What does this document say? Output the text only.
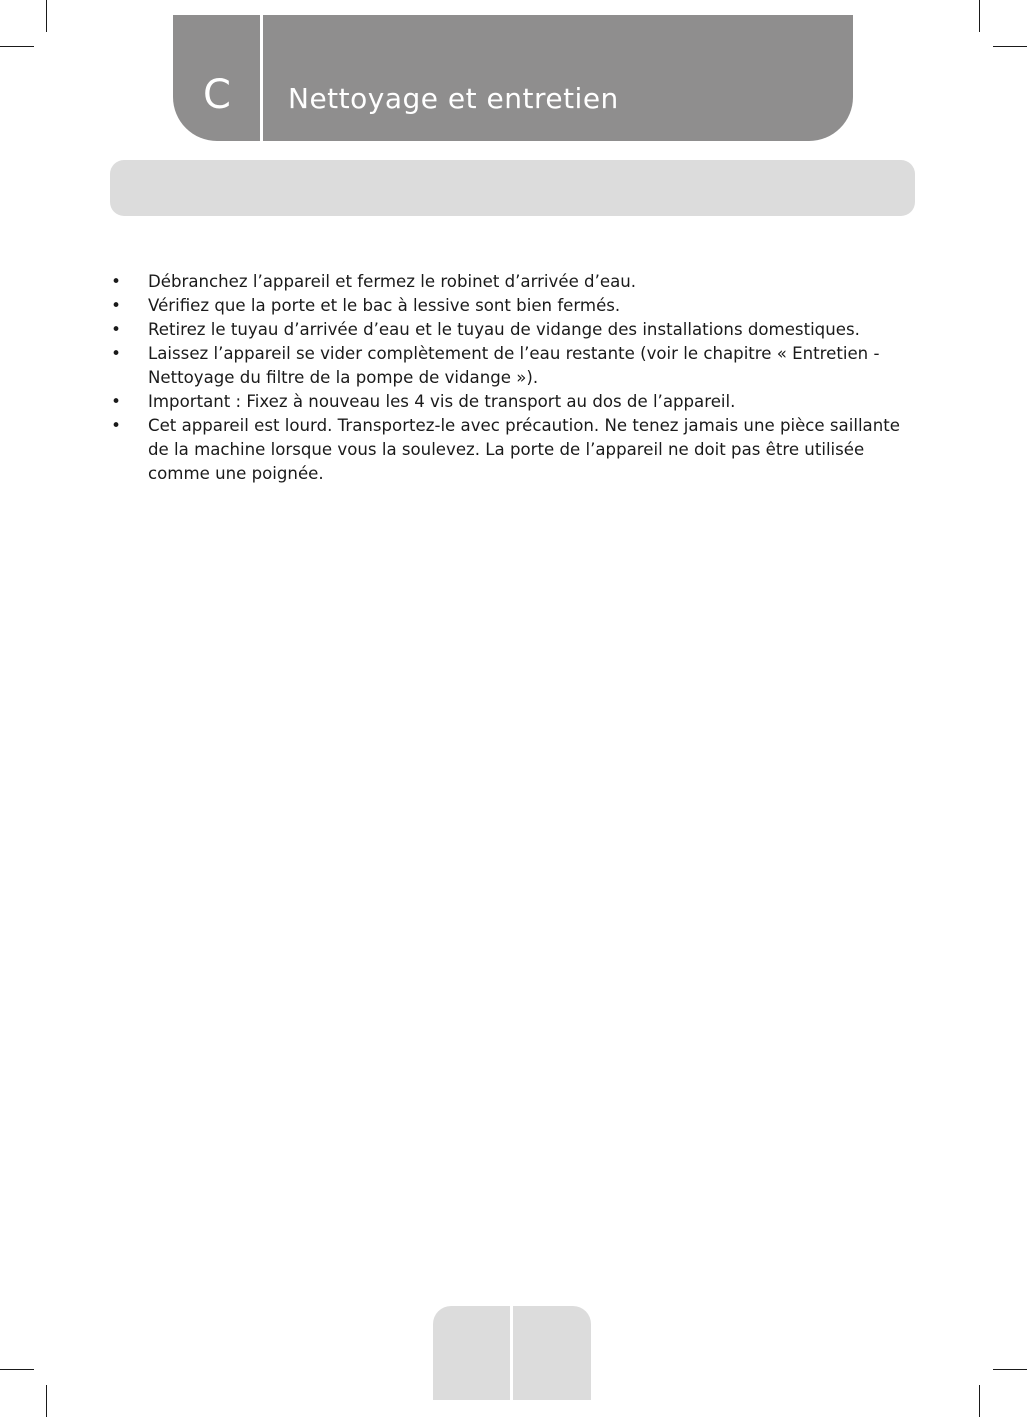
C Nettoyage et entretien
• Débranchez l’appareil et fermez le robinet d’arrivée d’eau.
• Vérifiez que la porte et le bac à lessive sont bien fermés.
• Retirez le tuyau d’arrivée d’eau et le tuyau de vidange des installations domestiques.
• Laissez l’appareil se vider complètement de l’eau restante (voir le chapitre « Entretien - Nettoyage du filtre de la pompe de vidange »).
• Important : Fixez à nouveau les 4 vis de transport au dos de l’appareil.
• Cet appareil est lourd. Transportez-le avec précaution. Ne tenez jamais une pièce saillante de la machine lorsque vous la soulevez. La porte de l’appareil ne doit pas être utilisée comme une poignée.
